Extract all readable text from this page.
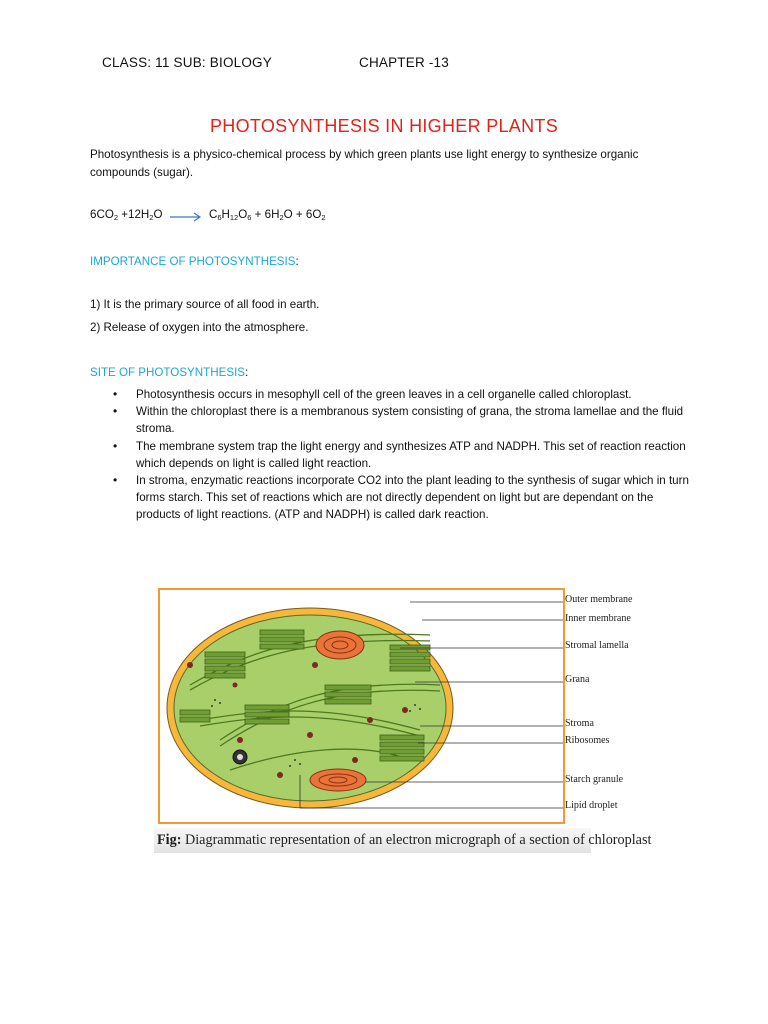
CLASS: 11 SUB: BIOLOGY	CHAPTER -13
PHOTOSYNTHESIS IN HIGHER PLANTS
Photosynthesis is a physico-chemical process by which green plants use light energy to synthesize organic compounds (sugar).
$6CO_2 +12H_2O \to C_6H_{12}O_6 + 6H_2O + 6O_2$
IMPORTANCE OF PHOTOSYNTHESIS:
1) It is the primary source of all food in earth.
2) Release of oxygen into the atmosphere.
SITE OF PHOTOSYNTHESIS:
• Photosynthesis occurs in mesophyll cell of the green leaves in a cell organelle called chloroplast.
• Within the chloroplast there is a membranous system consisting of grana, the stroma lamellae and the fluid stroma.
• The membrane system trap the light energy and synthesizes ATP and NADPH. This set of reaction reaction which depends on light is called light reaction.
• In stroma, enzymatic reactions incorporate CO2 into the plant leading to the synthesis of sugar which in turn forms starch. This set of reactions which are not directly dependent on light but are dependant on the products of light reactions. (ATP and NADPH) is called dark reaction.
Outer membrane
Inner membrane
Stromal lamella
Grana
Stroma
Ribosomes
Starch granule
Lipid droplet
Fig: Diagrammatic representation of an electron micrograph of a section of chloroplast
